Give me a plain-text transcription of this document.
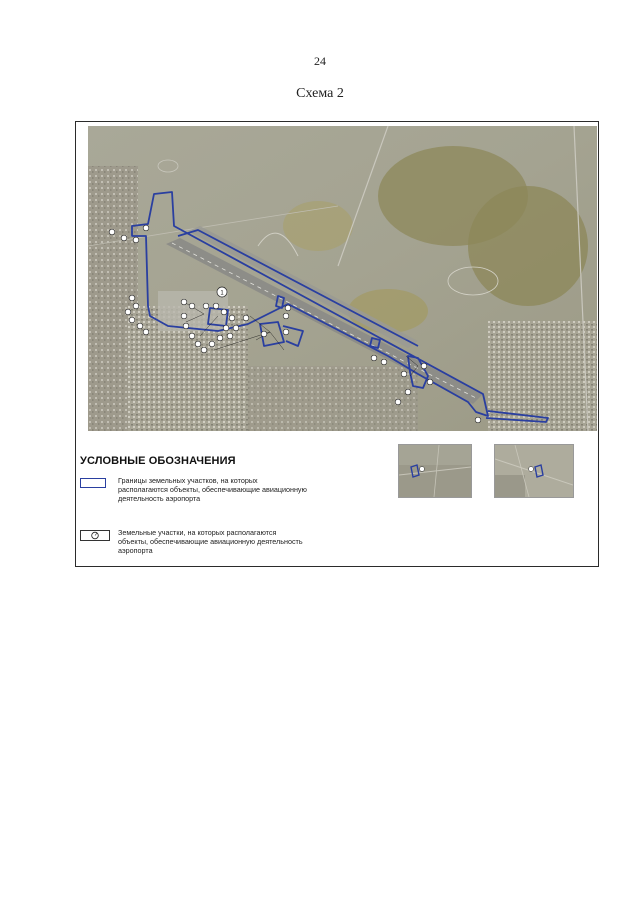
24
Схема 2
1
УСЛОВНЫЕ ОБОЗНАЧЕНИЯ
Границы земельных участков, на которых располагаются объекты, обеспечивающие авиационную деятельность аэропорта
Земельные участки, на которых располагаются объекты, обеспечивающие авиационную деятельность аэропорта
